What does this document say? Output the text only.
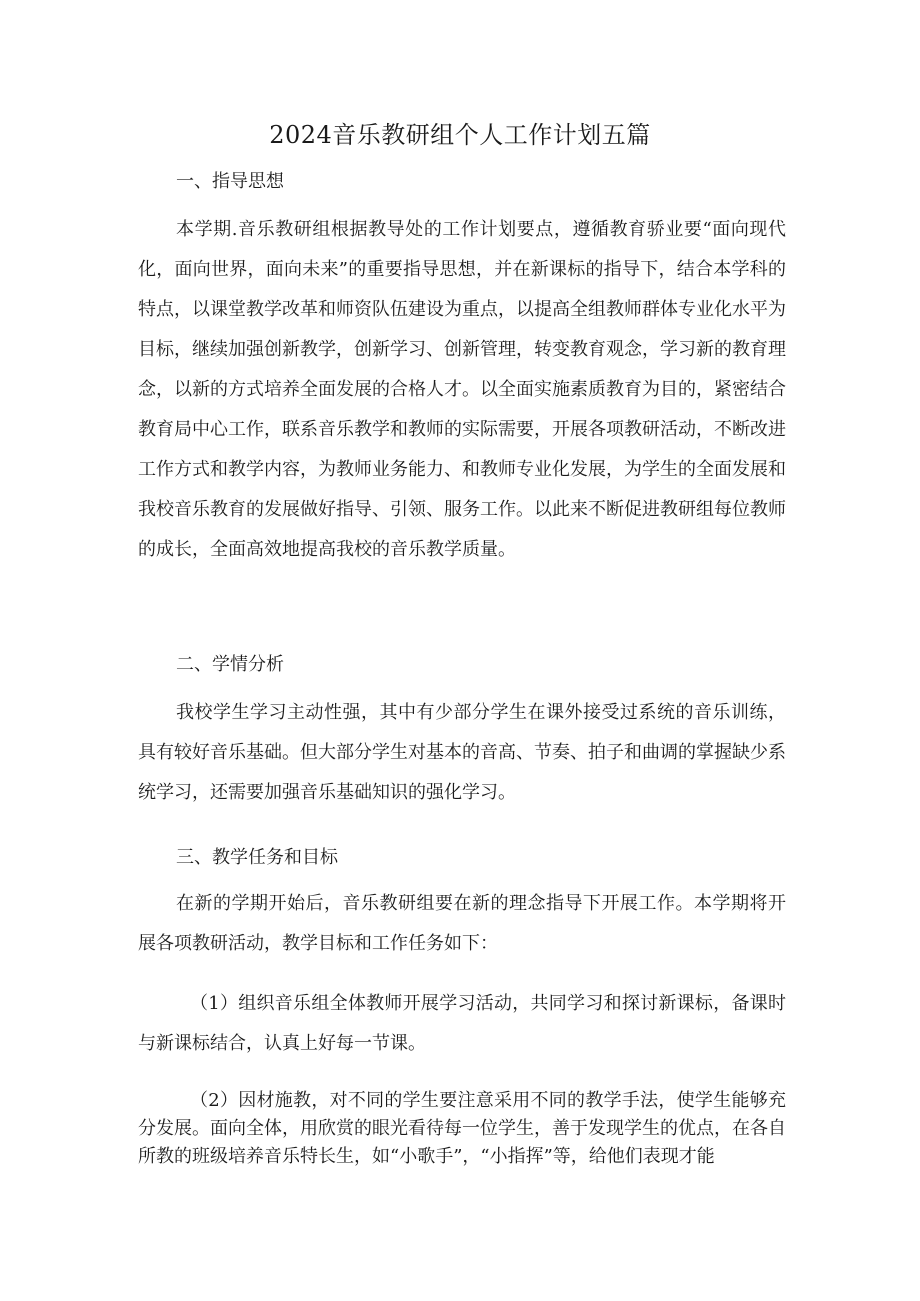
2024音乐教研组个人工作计划五篇
一、指导思想
本学期.音乐教研组根据教导处的工作计划要点，遵循教育骄业要“面向现代化，面向世界，面向未来”的重要指导思想，并在新课标的指导下，结合本学科的特点，以课堂教学改革和师资队伍建设为重点，以提高全组教师群体专业化水平为目标，继续加强创新教学，创新学习、创新管理，转变教育观念，学习新的教育理念，以新的方式培养全面发展的合格人才。以全面实施素质教育为目的，紧密结合教育局中心工作，联系音乐教学和教师的实际需要，开展各项教研活动，不断改进工作方式和教学内容，为教师业务能力、和教师专业化发展，为学生的全面发展和我校音乐教育的发展做好指导、引领、服务工作。以此来不断促进教研组每位教师的成长，全面高效地提高我校的音乐教学质量。
二、学情分析
我校学生学习主动性强，其中有少部分学生在课外接受过系统的音乐训练，具有较好音乐基础。但大部分学生对基本的音高、节奏、拍子和曲调的掌握缺少系统学习，还需要加强音乐基础知识的强化学习。
三、教学任务和目标
在新的学期开始后，音乐教研组要在新的理念指导下开展工作。本学期将开展各项教研活动，教学目标和工作任务如下：
（1）组织音乐组全体教师开展学习活动，共同学习和探讨新课标，备课时与新课标结合，认真上好每一节课。
（2）因材施教，对不同的学生要注意采用不同的教学手法，使学生能够充分发展。面向全体，用欣赏的眼光看待每一位学生，善于发现学生的优点，在各自所教的班级培养音乐特长生，如“小歌手”，“小指挥”等，给他们表现才能
